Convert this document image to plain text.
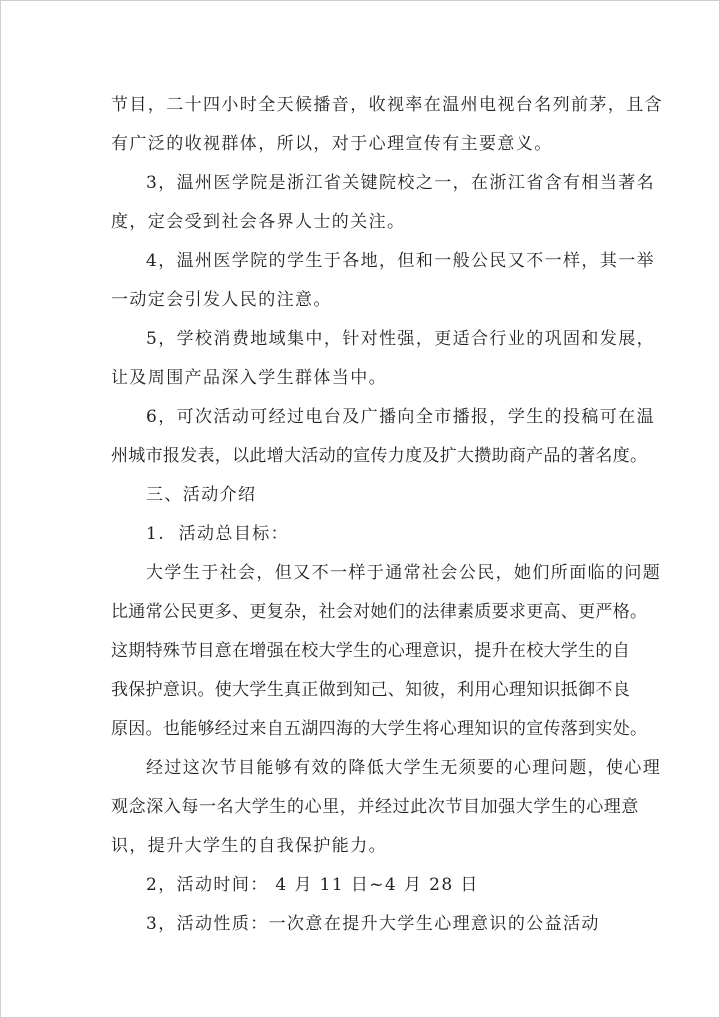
节目，二十四小时全天候播音，收视率在温州电视台名列前茅，且含
有广泛的收视群体，所以，对于心理宣传有主要意义。
3，温州医学院是浙江省关键院校之一，在浙江省含有相当著名
度，定会受到社会各界人士的关注。
4，温州医学院的学生于各地，但和一般公民又不一样，其一举
一动定会引发人民的注意。
5，学校消费地域集中，针对性强，更适合行业的巩固和发展，
让及周围产品深入学生群体当中。
6，可次活动可经过电台及广播向全市播报，学生的投稿可在温
州城市报发表，以此增大活动的宣传力度及扩大攒助商产品的著名度。
三、活动介绍
1.  活动总目标：
大学生于社会，但又不一样于通常社会公民，她们所面临的问题
比通常公民更多、更复杂，社会对她们的法律素质要求更高、更严格。
这期特殊节目意在增强在校大学生的心理意识，提升在校大学生的自
我保护意识。使大学生真正做到知己、知彼，利用心理知识抵御不良
原因。也能够经过来自五湖四海的大学生将心理知识的宣传落到实处。
经过这次节目能够有效的降低大学生无须要的心理问题，使心理
观念深入每一名大学生的心里，并经过此次节目加强大学生的心理意
识，提升大学生的自我保护能力。
2，活动时间： 4 月 11 日~4 月 28 日
3，活动性质：一次意在提升大学生心理意识的公益活动
